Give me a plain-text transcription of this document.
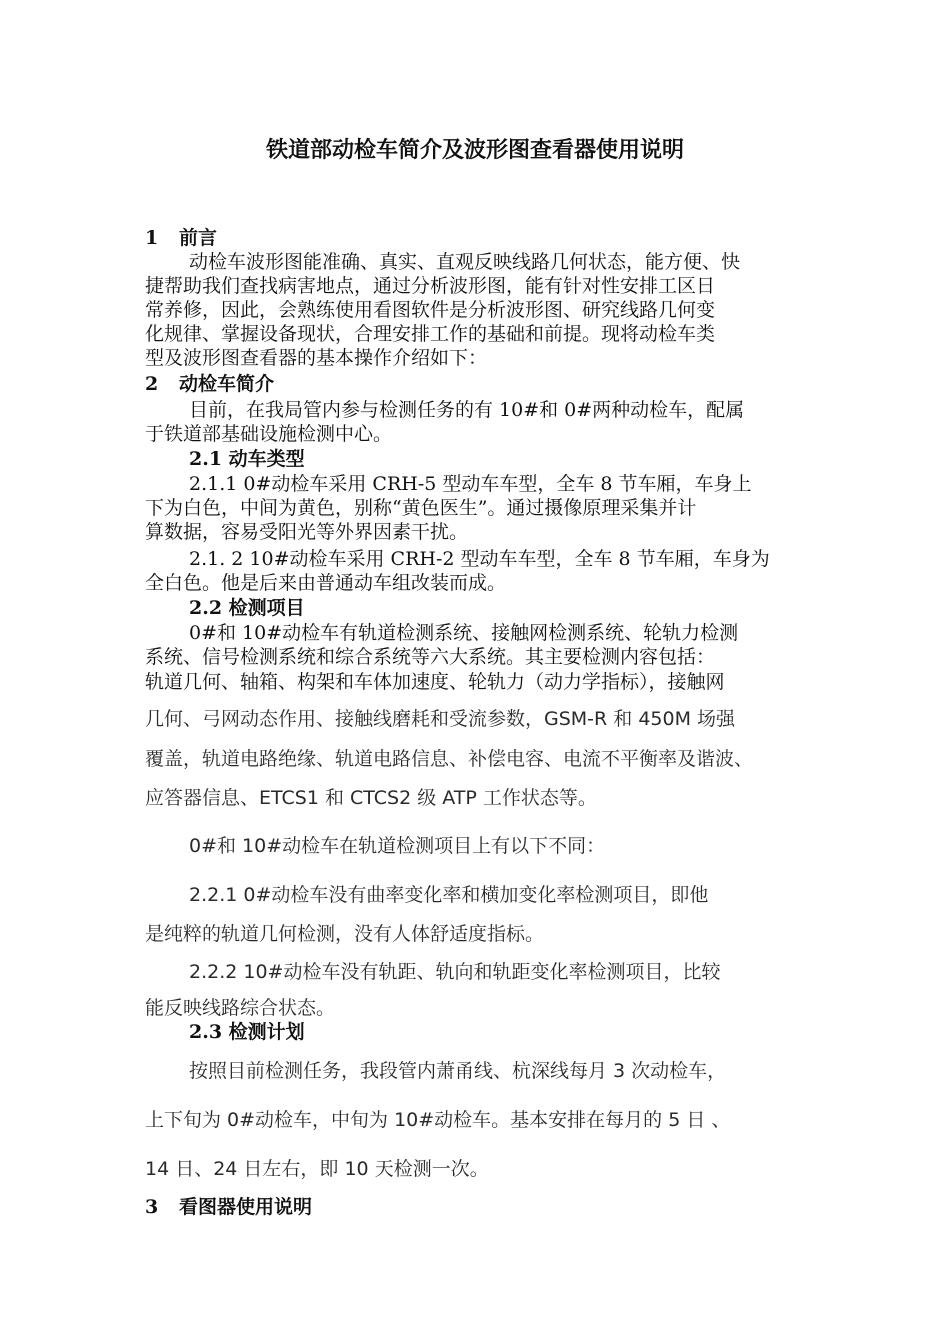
铁道部动检车简介及波形图查看器使用说明
1 前言
动检车波形图能准确、真实、直观反映线路几何状态，能方便、快
捷帮助我们查找病害地点，通过分析波形图，能有针对性安排工区日
常养修，因此，会熟练使用看图软件是分析波形图、研究线路几何变
化规律、掌握设备现状，合理安排工作的基础和前提。现将动检车类
型及波形图查看器的基本操作介绍如下：
2 动检车简介
目前，在我局管内参与检测任务的有 10#和 0#两种动检车，配属
于铁道部基础设施检测中心。
2.1 动车类型
2.1.1 0#动检车采用 CRH-5 型动车车型，全车 8 节车厢，车身上
下为白色，中间为黄色，别称“黄色医生”。通过摄像原理采集并计
算数据，容易受阳光等外界因素干扰。
2.1. 2 10#动检车采用 CRH-2 型动车车型，全车 8 节车厢，车身为
全白色。他是后来由普通动车组改装而成。
2.2 检测项目
0#和 10#动检车有轨道检测系统、接触网检测系统、轮轨力检测
系统、信号检测系统和综合系统等六大系统。其主要检测内容包括：
轨道几何、轴箱、构架和车体加速度、轮轨力（动力学指标），接触网
几何、弓网动态作用、接触线磨耗和受流参数，GSM-R 和 450M 场强
覆盖，轨道电路绝缘、轨道电路信息、补偿电容、电流不平衡率及谐波、
应答器信息、ETCS1 和 CTCS2 级 ATP 工作状态等。
0#和 10#动检车在轨道检测项目上有以下不同：
2.2.1 0#动检车没有曲率变化率和横加变化率检测项目，即他
是纯粹的轨道几何检测，没有人体舒适度指标。
2.2.2 10#动检车没有轨距、轨向和轨距变化率检测项目，比较
能反映线路综合状态。
2.3 检测计划
按照目前检测任务，我段管内萧甬线、杭深线每月 3 次动检车，
上下旬为 0#动检车，中旬为 10#动检车。基本安排在每月的 5 日 、
14 日、24 日左右，即 10 天检测一次。
3 看图器使用说明
